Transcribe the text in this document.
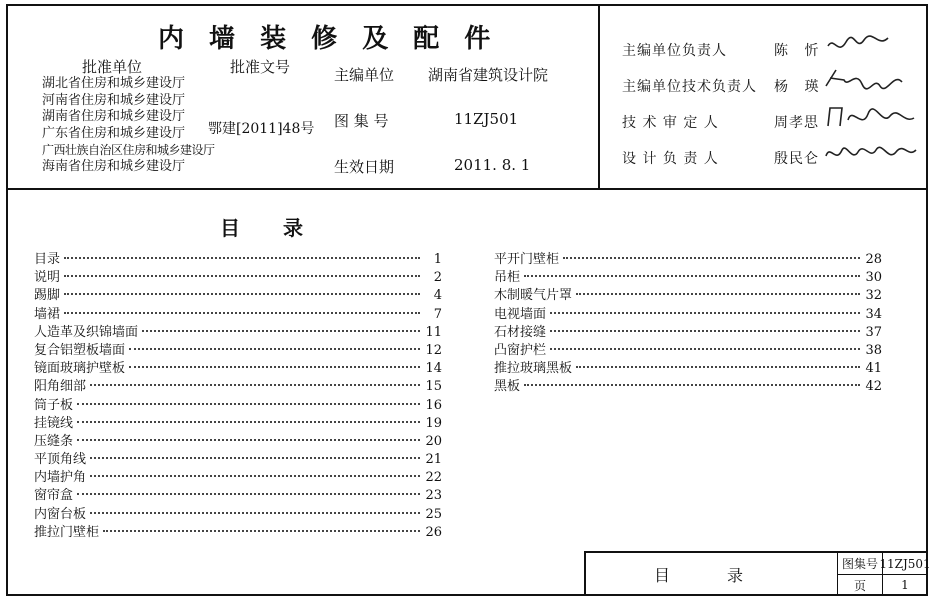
内 墙 装 修 及 配 件
批准单位
湖北省住房和城乡建设厅
河南省住房和城乡建设厅
湖南省住房和城乡建设厅
广东省住房和城乡建设厅
广西壮族自治区住房和城乡建设厅
海南省住房和城乡建设厅
批准文号
鄂建[2011]48号
主编单位 湖南省建筑设计院
图 集 号	11ZJ501
生效日期	2011. 8. 1
主编单位负责人	陈 忻
主编单位技术负责人 杨 瑛
技 术 审 定 人	周孝思
设 计 负 责 人	殷民仑
目 录
目录	1
说明	2
踢脚	4
墙裙	7
人造革及织锦墙面	11
复合铝塑板墙面	12
镜面玻璃护壁板	14
阳角细部	15
筒子板	16
挂镜线	19
压缝条	20
平顶角线	21
内墙护角	22
窗帘盒	23
内窗台板	25
推拉门壁柜	26
平开门壁柜	28
吊柜	30
木制暖气片罩	32
电视墙面	34
石材接缝	37
凸窗护栏	38
推拉玻璃黑板	41
黑板	42
目 录
图集号 11ZJ501
页	1
